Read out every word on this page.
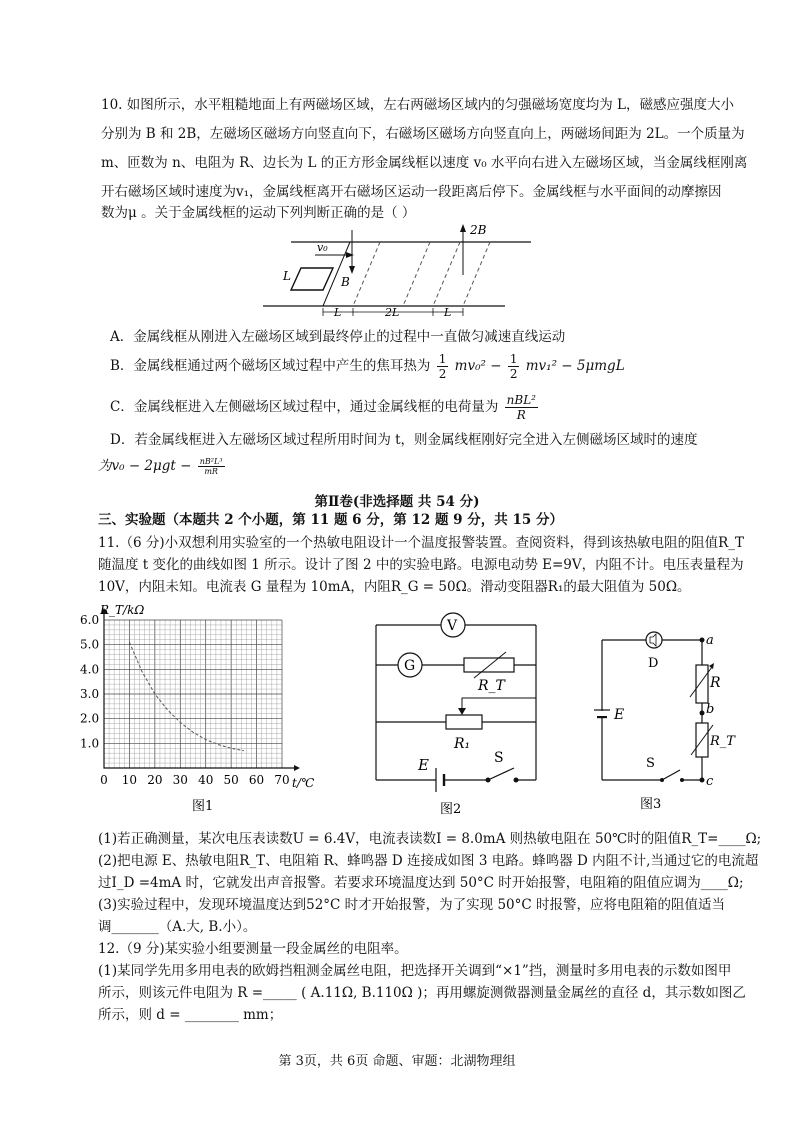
10. 如图所示，水平粗糙地面上有两磁场区域，左右两磁场区域内的匀强磁场宽度均为 L，磁感应强度大小
分别为 B 和 2B，左磁场区磁场方向竖直向下，右磁场区磁场方向竖直向上，两磁场间距为 2L。一个质量为
m、匝数为 n、电阻为 R、边长为 L 的正方形金属线框以速度 v₀ 水平向右进入左磁场区域，当金属线框刚离
开右磁场区域时速度为v₁，金属线框离开右磁场区运动一段距离后停下。金属线框与水平面间的动摩擦因
数为μ 。关于金属线框的运动下列判断正确的是（ ）
v₀
L	B
2B
L	2L	L
A．金属线框从刚进入左磁场区域到最终停止的过程中一直做匀减速直线运动
B．金属线框通过两个磁场区域过程中产生的焦耳热为 $\frac{1}{2} mv_0^2 - \frac{1}{2} mv_1^2 - 5\mu mgL$
C．金属线框进入左侧磁场区域过程中，通过金属线框的电荷量为 $\frac{\text{nBL²}}{R}$
D．若金属线框进入左磁场区域过程所用时间为 t，则金属线框刚好完全进入左侧磁场区域时的速度
为$v_0 - 2\mu gt - \frac{\text{nB²L³}}{mR}$
第Ⅱ卷(非选择题 共 54 分)
三、实验题（本题共 2 个小题，第 11 题 6 分，第 12 题 9 分，共 15 分）
11.（6 分)小双想利用实验室的一个热敏电阻设计一个温度报警装置。查阅资料，得到该热敏电阻的阻值R_T
随温度 t 变化的曲线如图 1 所示。设计了图 2 中的实验电路。电源电动势 E=9V，内阻不计。电压表量程为
10V，内阻未知。电流表 G 量程为 10mA，内阻R_G = 50Ω。滑动变阻器R₁的最大阻值为 50Ω。
6.0
5.0
4.0
3.0
2.0
1.0
0 10 20 30 40 50 60 70
R_T/kΩ
t/℃
图1
V
G
R_T
R₁
E	S
图2
D
E
R
b
R_T
a
c
S
图3
(1)若正确测量，某次电压表读数U = 6.4V，电流表读数I = 8.0mA 则热敏电阻在 50℃时的阻值R_T=____Ω;
(2)把电源 E、热敏电阻R_T、电阻箱 R、蜂鸣器 D 连接成如图 3 电路。蜂鸣器 D 内阻不计,当通过它的电流超
过I_D =4mA 时，它就发出声音报警。若要求环境温度达到 50°C 时开始报警，电阻箱的阻值应调为____Ω;
(3)实验过程中，发现环境温度达到52°C 时才开始报警，为了实现 50°C 时报警，应将电阻箱的阻值适当
调_______（A.大, B.小）。
12.（9 分)某实验小组要测量一段金属丝的电阻率。
(1)某同学先用多用电表的欧姆挡粗测金属丝电阻，把选择开关调到“×1”挡，测量时多用电表的示数如图甲
所示，则该元件电阻为 R =_____ ( A.11Ω, B.110Ω )；再用螺旋测微器测量金属丝的直径 d，其示数如图乙
所示，则 d = ________ mm；
第 3页，共 6页 命题、审题：北湖物理组
